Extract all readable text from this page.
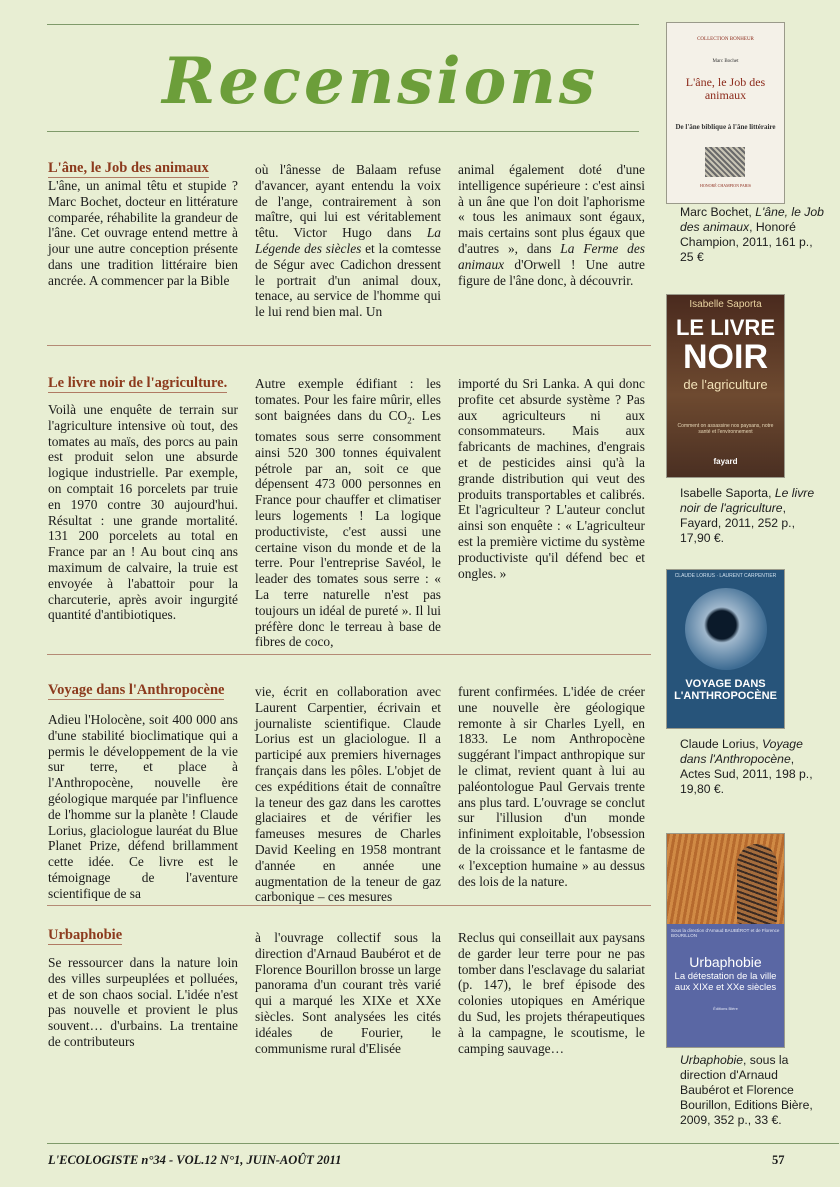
Recensions
L'âne, le Job des animaux
L'âne, un animal têtu et stupide ? Marc Bochet, docteur en littérature comparée, réhabilite la grandeur de l'âne. Cet ouvrage entend mettre à jour une autre conception présente dans une tradition littéraire bien ancrée. A commencer par la Bible
où l'ânesse de Balaam refuse d'avancer, ayant entendu la voix de l'ange, contrairement à son maître, qui lui est véritablement têtu. Victor Hugo dans La Légende des siècles et la comtesse de Ségur avec Cadichon dressent le portrait d'un animal doux, tenace, au service de l'homme qui le lui rend bien mal. Un
animal également doté d'une intelligence supérieure : c'est ainsi à un âne que l'on doit l'aphorisme « tous les animaux sont égaux, mais certains sont plus égaux que d'autres », dans La Ferme des animaux d'Orwell ! Une autre figure de l'âne donc, à découvrir.
Le livre noir de l'agriculture.
Voilà une enquête de terrain sur l'agriculture intensive où tout, des tomates au maïs, des porcs au pain est produit selon une absurde logique industrielle. Par exemple, on comptait 16 porcelets par truie en 1970 contre 30 aujourd'hui. Résultat : une grande mortalité. 131 200 porcelets au total en France par an ! Au bout cinq ans maximum de calvaire, la truie est envoyée à l'abattoir pour la charcuterie, après avoir ingurgité quantité d'antibiotiques.
Autre exemple édifiant : les tomates. Pour les faire mûrir, elles sont baignées dans du $CO_2$. Les tomates sous serre consomment ainsi 520 300 tonnes équivalent pétrole par an, soit ce que dépensent 473 000 personnes en France pour chauffer et climatiser leurs logements ! La logique productiviste, c'est aussi une certaine vison du monde et de la terre. Pour l'entreprise Savéol, le leader des tomates sous serre : « La terre naturelle n'est pas toujours un idéal de pureté ». Il lui préfère donc le terreau à base de fibres de coco,
importé du Sri Lanka. A qui donc profite cet absurde système ? Pas aux agriculteurs ni aux consommateurs. Mais aux fabricants de machines, d'engrais et de pesticides ainsi qu'à la grande distribution qui veut des produits transportables et calibrés. Et l'agriculteur ? L'auteur conclut ainsi son enquête : « L'agriculteur est la première victime du système productiviste qu'il défend bec et ongles. »
Voyage dans l'Anthropocène
Adieu l'Holocène, soit 400 000 ans d'une stabilité bioclimatique qui a permis le développement de la vie sur terre, et place à l'Anthropocène, nouvelle ère géologique marquée par l'influence de l'homme sur la planète ! Claude Lorius, glaciologue lauréat du Blue Planet Prize, défend brillamment cette idée. Ce livre est le témoignage de l'aventure scientifique de sa
vie, écrit en collaboration avec Laurent Carpentier, écrivain et journaliste scientifique. Claude Lorius est un glaciologue. Il a participé aux premiers hivernages français dans les pôles. L'objet de ces expéditions était de connaître la teneur des gaz dans les carottes glaciaires et de vérifier les fameuses mesures de Charles David Keeling en 1958 montrant d'année en année une augmentation de la teneur de gaz carbonique – ces mesures
furent confirmées. L'idée de créer une nouvelle ère géologique remonte à sir Charles Lyell, en 1833. Le nom Anthropocène suggérant l'impact anthropique sur le climat, revient quant à lui au paléontologue Paul Gervais trente ans plus tard. L'ouvrage se conclut sur l'illusion d'un monde infiniment exploitable, l'obsession de la croissance et le fantasme de « l'exception humaine » au dessus des lois de la nature.
Urbaphobie
Se ressourcer dans la nature loin des villes surpeuplées et polluées, et de son chaos social. L'idée n'est pas nouvelle et provient le plus souvent… d'urbains. La trentaine de contributeurs
à l'ouvrage collectif sous la direction d'Arnaud Baubérot et de Florence Bourillon brosse un large panorama d'un courant très varié qui a marqué les XIXe et XXe siècles. Sont analysées les cités idéales de Fourier, le communisme rural d'Elisée
Reclus qui conseillait aux paysans de garder leur terre pour ne pas tomber dans l'esclavage du salariat (p. 147), le bref épisode des colonies utopiques en Amérique du Sud, les projets thérapeutiques à la campagne, le scoutisme, le camping sauvage…
L'ECOLOGISTE n°34 - VOL.12 N°1, JUIN-AOÛT 2011	57
COLLECTION BONHEUR
Marc Bochet
L'âne, le Job des animaux
De l'âne biblique à l'âne littéraire
HONORÉ CHAMPION PARIS
Marc Bochet, L'âne, le Job des animaux, Honoré Champion, 2011, 161 p., 25 €
Isabelle Saporta
LE LIVRE
NOIR
de l'agriculture
Comment on assassine nos paysans, notre santé et l'environnement
fayard
Isabelle Saporta, Le livre noir de l'agriculture, Fayard, 2011, 252 p., 17,90 €.
CLAUDE LORIUS · LAURENT CARPENTIER
VOYAGE DANS L'ANTHROPOCÈNE
Claude Lorius, Voyage dans l'Anthropocène, Actes Sud, 2011, 198 p., 19,80 €.
Sous la direction d'Arnaud BAUBÉROT et de Florence BOURILLON
Urbaphobie
La détestation de la ville aux XIXe et XXe siècles
Éditions Bière
Urbaphobie, sous la direction d'Arnaud Baubérot et Florence Bourillon, Editions Bière, 2009, 352 p., 33 €.
